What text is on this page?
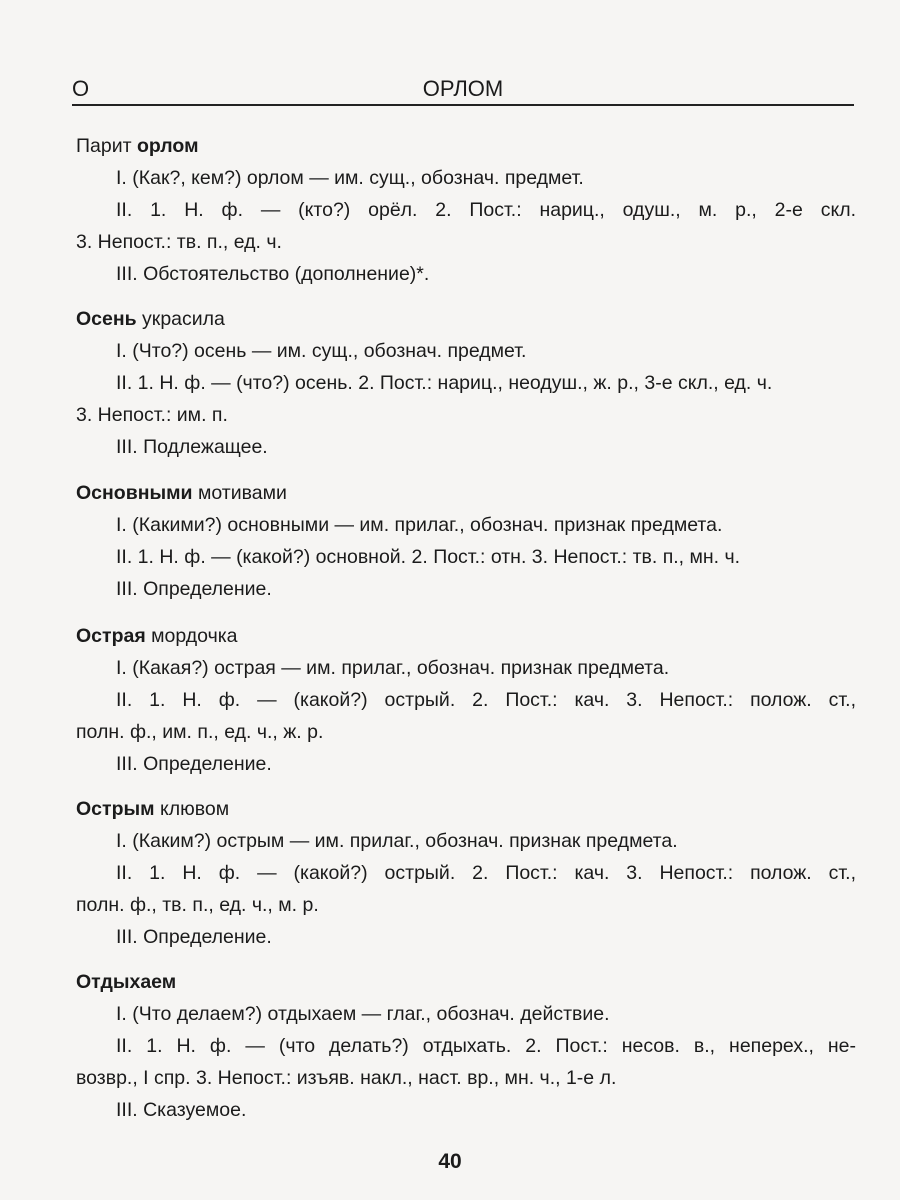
О	ОРЛОМ
Парит орлом
I. (Как?, кем?) орлом — им. сущ., обознач. предмет.
II. 1. Н. ф. — (кто?) орёл. 2. Пост.: нариц., одуш., м. р., 2-е скл.
3. Непост.: тв. п., ед. ч.
III. Обстоятельство (дополнение)*.
Осень украсила
I. (Что?) осень — им. сущ., обознач. предмет.
II. 1. Н. ф. — (что?) осень. 2. Пост.: нариц., неодуш., ж. р., 3-е скл., ед. ч.
3. Непост.: им. п.
III. Подлежащее.
Основными мотивами
I. (Какими?) основными — им. прилаг., обознач. признак предмета.
II. 1. Н. ф. — (какой?) основной. 2. Пост.: отн. 3. Непост.: тв. п., мн. ч.
III. Определение.
Острая мордочка
I. (Какая?) острая — им. прилаг., обознач. признак предмета.
II. 1. Н. ф. — (какой?) острый. 2. Пост.: кач. 3. Непост.: полож. ст.,
полн. ф., им. п., ед. ч., ж. р.
III. Определение.
Острым клювом
I. (Каким?) острым — им. прилаг., обознач. признак предмета.
II. 1. Н. ф. — (какой?) острый. 2. Пост.: кач. 3. Непост.: полож. ст.,
полн. ф., тв. п., ед. ч., м. р.
III. Определение.
Отдыхаем
I. (Что делаем?) отдыхаем — глаг., обознач. действие.
II. 1. Н. ф. — (что делать?) отдыхать. 2. Пост.: несов. в., неперех., не-
возвр., I спр. 3. Непост.: изъяв. накл., наст. вр., мн. ч., 1-е л.
III. Сказуемое.
40
